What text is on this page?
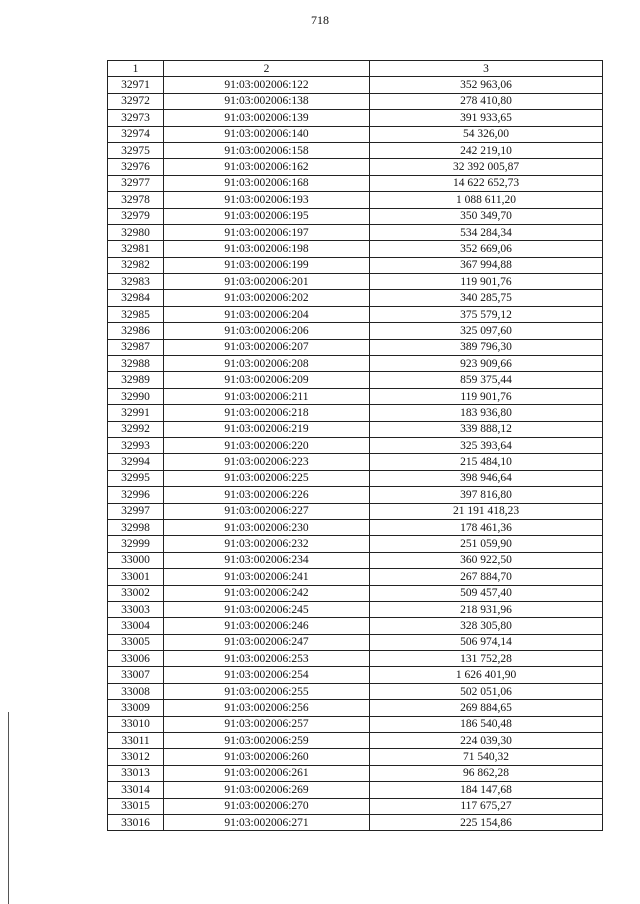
718
1	2	3
32971	91:03:002006:122	352 963,06
32972	91:03:002006:138	278 410,80
32973	91:03:002006:139	391 933,65
32974	91:03:002006:140	54 326,00
32975	91:03:002006:158	242 219,10
32976	91:03:002006:162	32 392 005,87
32977	91:03:002006:168	14 622 652,73
32978	91:03:002006:193	1 088 611,20
32979	91:03:002006:195	350 349,70
32980	91:03:002006:197	534 284,34
32981	91:03:002006:198	352 669,06
32982	91:03:002006:199	367 994,88
32983	91:03:002006:201	119 901,76
32984	91:03:002006:202	340 285,75
32985	91:03:002006:204	375 579,12
32986	91:03:002006:206	325 097,60
32987	91:03:002006:207	389 796,30
32988	91:03:002006:208	923 909,66
32989	91:03:002006:209	859 375,44
32990	91:03:002006:211	119 901,76
32991	91:03:002006:218	183 936,80
32992	91:03:002006:219	339 888,12
32993	91:03:002006:220	325 393,64
32994	91:03:002006:223	215 484,10
32995	91:03:002006:225	398 946,64
32996	91:03:002006:226	397 816,80
32997	91:03:002006:227	21 191 418,23
32998	91:03:002006:230	178 461,36
32999	91:03:002006:232	251 059,90
33000	91:03:002006:234	360 922,50
33001	91:03:002006:241	267 884,70
33002	91:03:002006:242	509 457,40
33003	91:03:002006:245	218 931,96
33004	91:03:002006:246	328 305,80
33005	91:03:002006:247	506 974,14
33006	91:03:002006:253	131 752,28
33007	91:03:002006:254	1 626 401,90
33008	91:03:002006:255	502 051,06
33009	91:03:002006:256	269 884,65
33010	91:03:002006:257	186 540,48
33011	91:03:002006:259	224 039,30
33012	91:03:002006:260	71 540,32
33013	91:03:002006:261	96 862,28
33014	91:03:002006:269	184 147,68
33015	91:03:002006:270	117 675,27
33016	91:03:002006:271	225 154,86
